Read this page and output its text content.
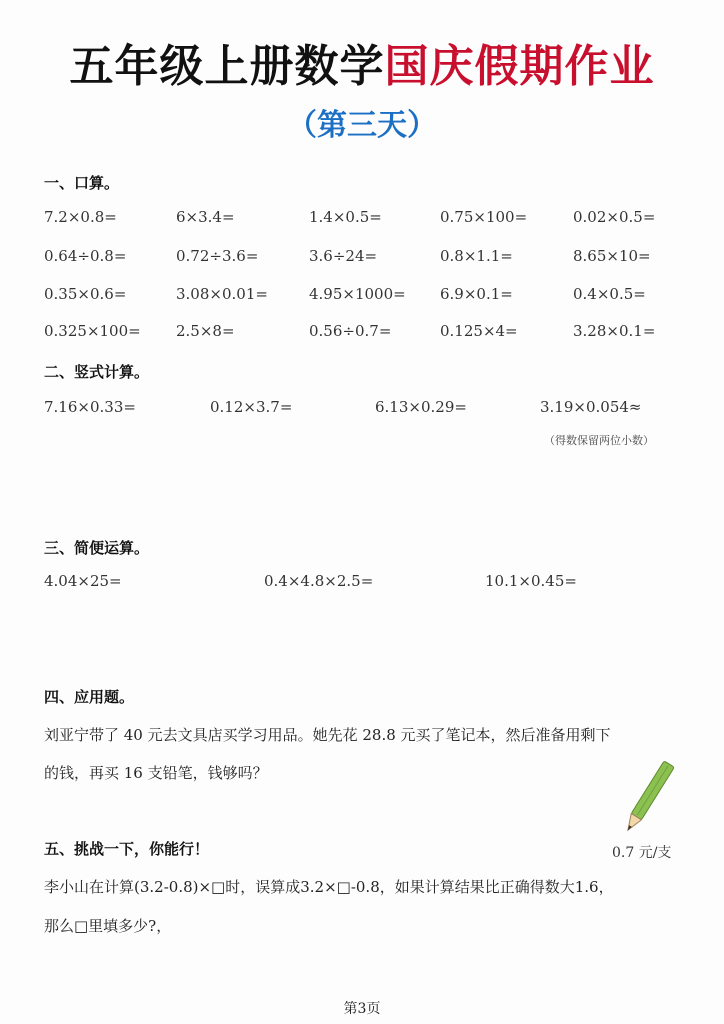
五年级上册数学国庆假期作业
（第三天）
一、口算。
7.2×0.8=	6×3.4=	1.4×0.5=	0.75×100=	0.02×0.5=
0.64÷0.8=	0.72÷3.6=	3.6÷24=	0.8×1.1=	8.65×10=
0.35×0.6=	3.08×0.01=	4.95×1000= 6.9×0.1=	0.4×0.5=
0.325×100= 2.5×8=	0.56÷0.7=	0.125×4=	3.28×0.1=
二、竖式计算。
7.16×0.33=	0.12×3.7=	6.13×0.29=	3.19×0.054≈
（得数保留两位小数）
三、简便运算。
4.04×25=	0.4×4.8×2.5=	10.1×0.45=
四、应用题。
刘亚宁带了 40 元去文具店买学习用品。她先花 28.8 元买了笔记本，然后准备用剩下
的钱，再买 16 支铅笔，钱够吗？
0.7 元/支
五、挑战一下，你能行！
李小山在计算(3.2-0.8)×□时，误算成3.2×□-0.8，如果计算结果比正确得数大1.6，
那么□里填多少?，
第3页
